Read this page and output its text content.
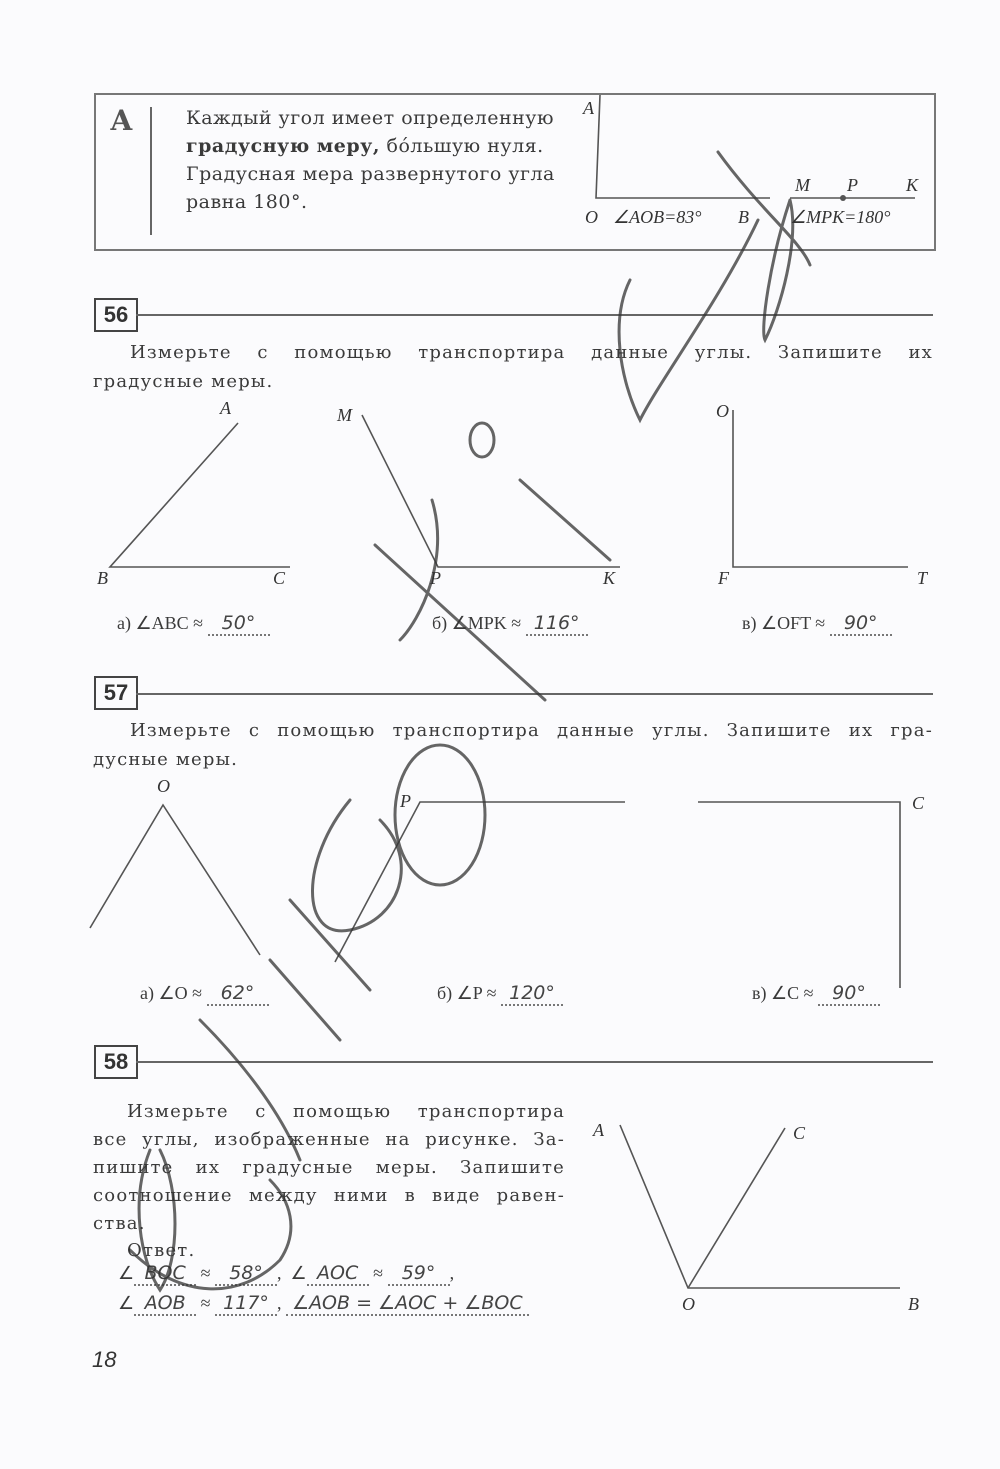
А	Каждый угол имеет определенную градусную меру, бо́льшую нуля. Градусная мера развернутого угла равна 180°.
A
O ∠AOB=83° B
M P	K
∠MPK=180°
56
Измерьте с помощью транспортира данные углы. Запишите их
градусные меры.
A
B	C
M
P	K
O
F	T
а) ∠ABC ≈ 50°	б) ∠MPK ≈ 116°	в) ∠OFT ≈ 90°
57
Измерьте с помощью транспортира данные углы. Запишите их гра-
дусные меры.
O
P	C
а) ∠O ≈ 62°	б) ∠P ≈ 120°	в) ∠C ≈ 90°
58
Измерьте с помощью транспортира
все углы, изображенные на рисунке. За-
пишите их градусные меры. Запишите
соотношение между ними в виде равен-
ства.
Ответ.
∠ BOC ≈ 58° ,  ∠ AOC ≈ 59° ,
∠ AOB ≈ 117° , ∠AOB = ∠AOC + ∠BOC
A	C
O	B
18
